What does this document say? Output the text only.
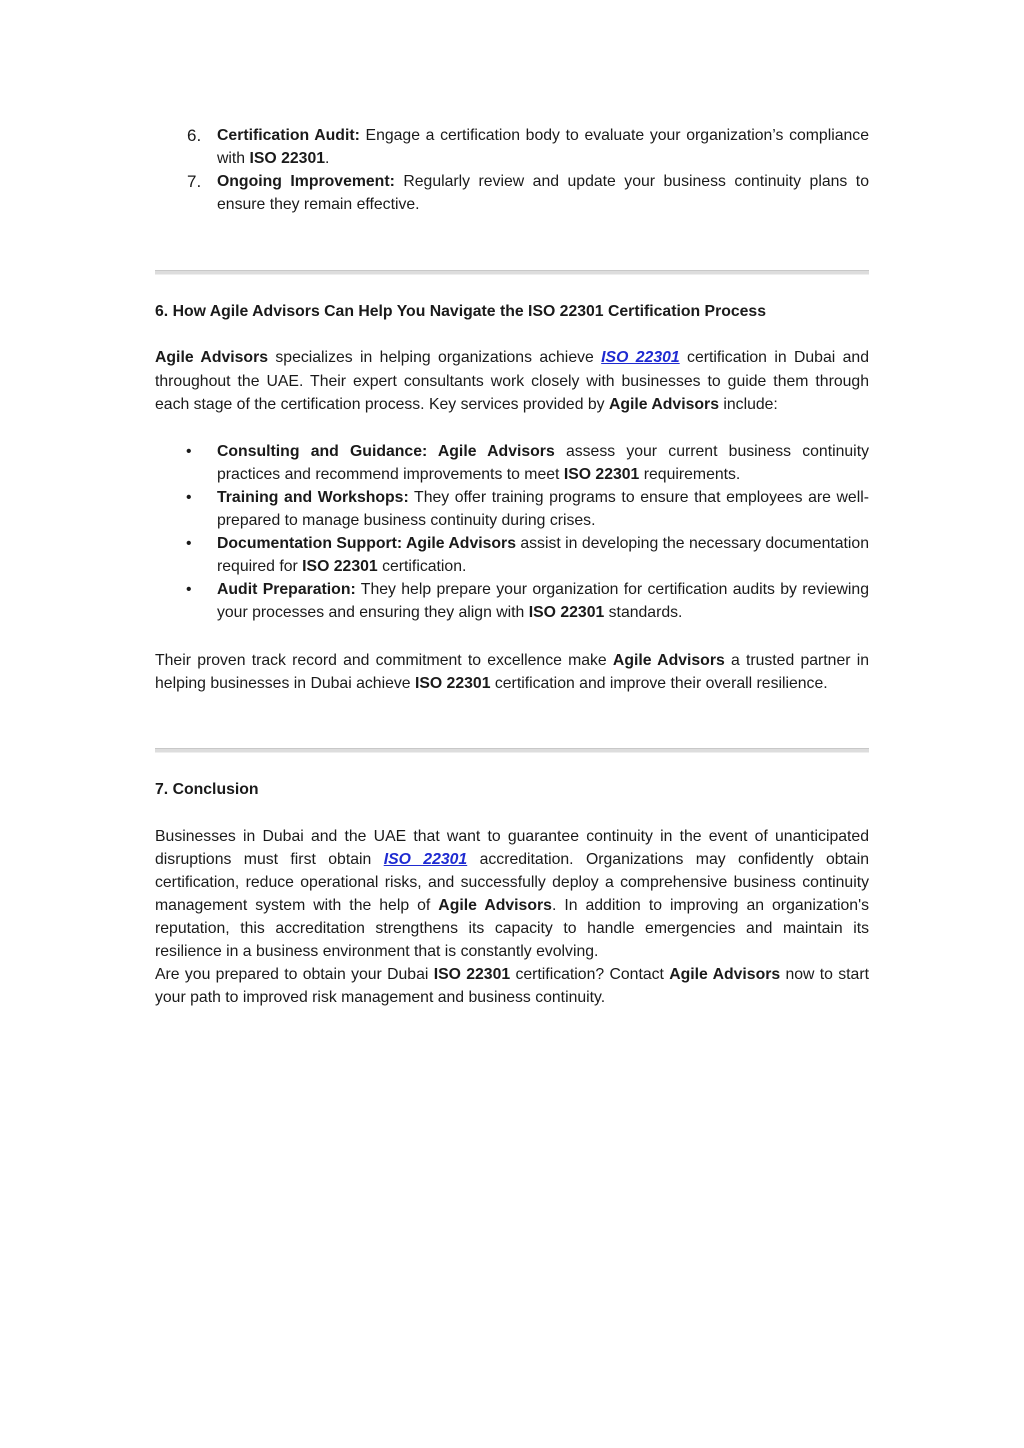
6. Certification Audit: Engage a certification body to evaluate your organization’s compliance with ISO 22301.
7. Ongoing Improvement: Regularly review and update your business continuity plans to ensure they remain effective.
6. How Agile Advisors Can Help You Navigate the ISO 22301 Certification Process

Agile Advisors specializes in helping organizations achieve ISO 22301 certification in Dubai and throughout the UAE. Their expert consultants work closely with businesses to guide them through each stage of the certification process. Key services provided by Agile Advisors include:

• Consulting and Guidance: Agile Advisors assess your current business continuity practices and recommend improvements to meet ISO 22301 requirements.
• Training and Workshops: They offer training programs to ensure that employees are well-prepared to manage business continuity during crises.
• Documentation Support: Agile Advisors assist in developing the necessary documentation required for ISO 22301 certification.
• Audit Preparation: They help prepare your organization for certification audits by reviewing your processes and ensuring they align with ISO 22301 standards.

Their proven track record and commitment to excellence make Agile Advisors a trusted partner in helping businesses in Dubai achieve ISO 22301 certification and improve their overall resilience.

7. Conclusion

Businesses in Dubai and the UAE that want to guarantee continuity in the event of unanticipated disruptions must first obtain ISO 22301 accreditation. Organizations may confidently obtain certification, reduce operational risks, and successfully deploy a comprehensive business continuity management system with the help of Agile Advisors. In addition to improving an organization's reputation, this accreditation strengthens its capacity to handle emergencies and maintain its resilience in a business environment that is constantly evolving.

Are you prepared to obtain your Dubai ISO 22301 certification? Contact Agile Advisors now to start your path to improved risk management and business continuity.
